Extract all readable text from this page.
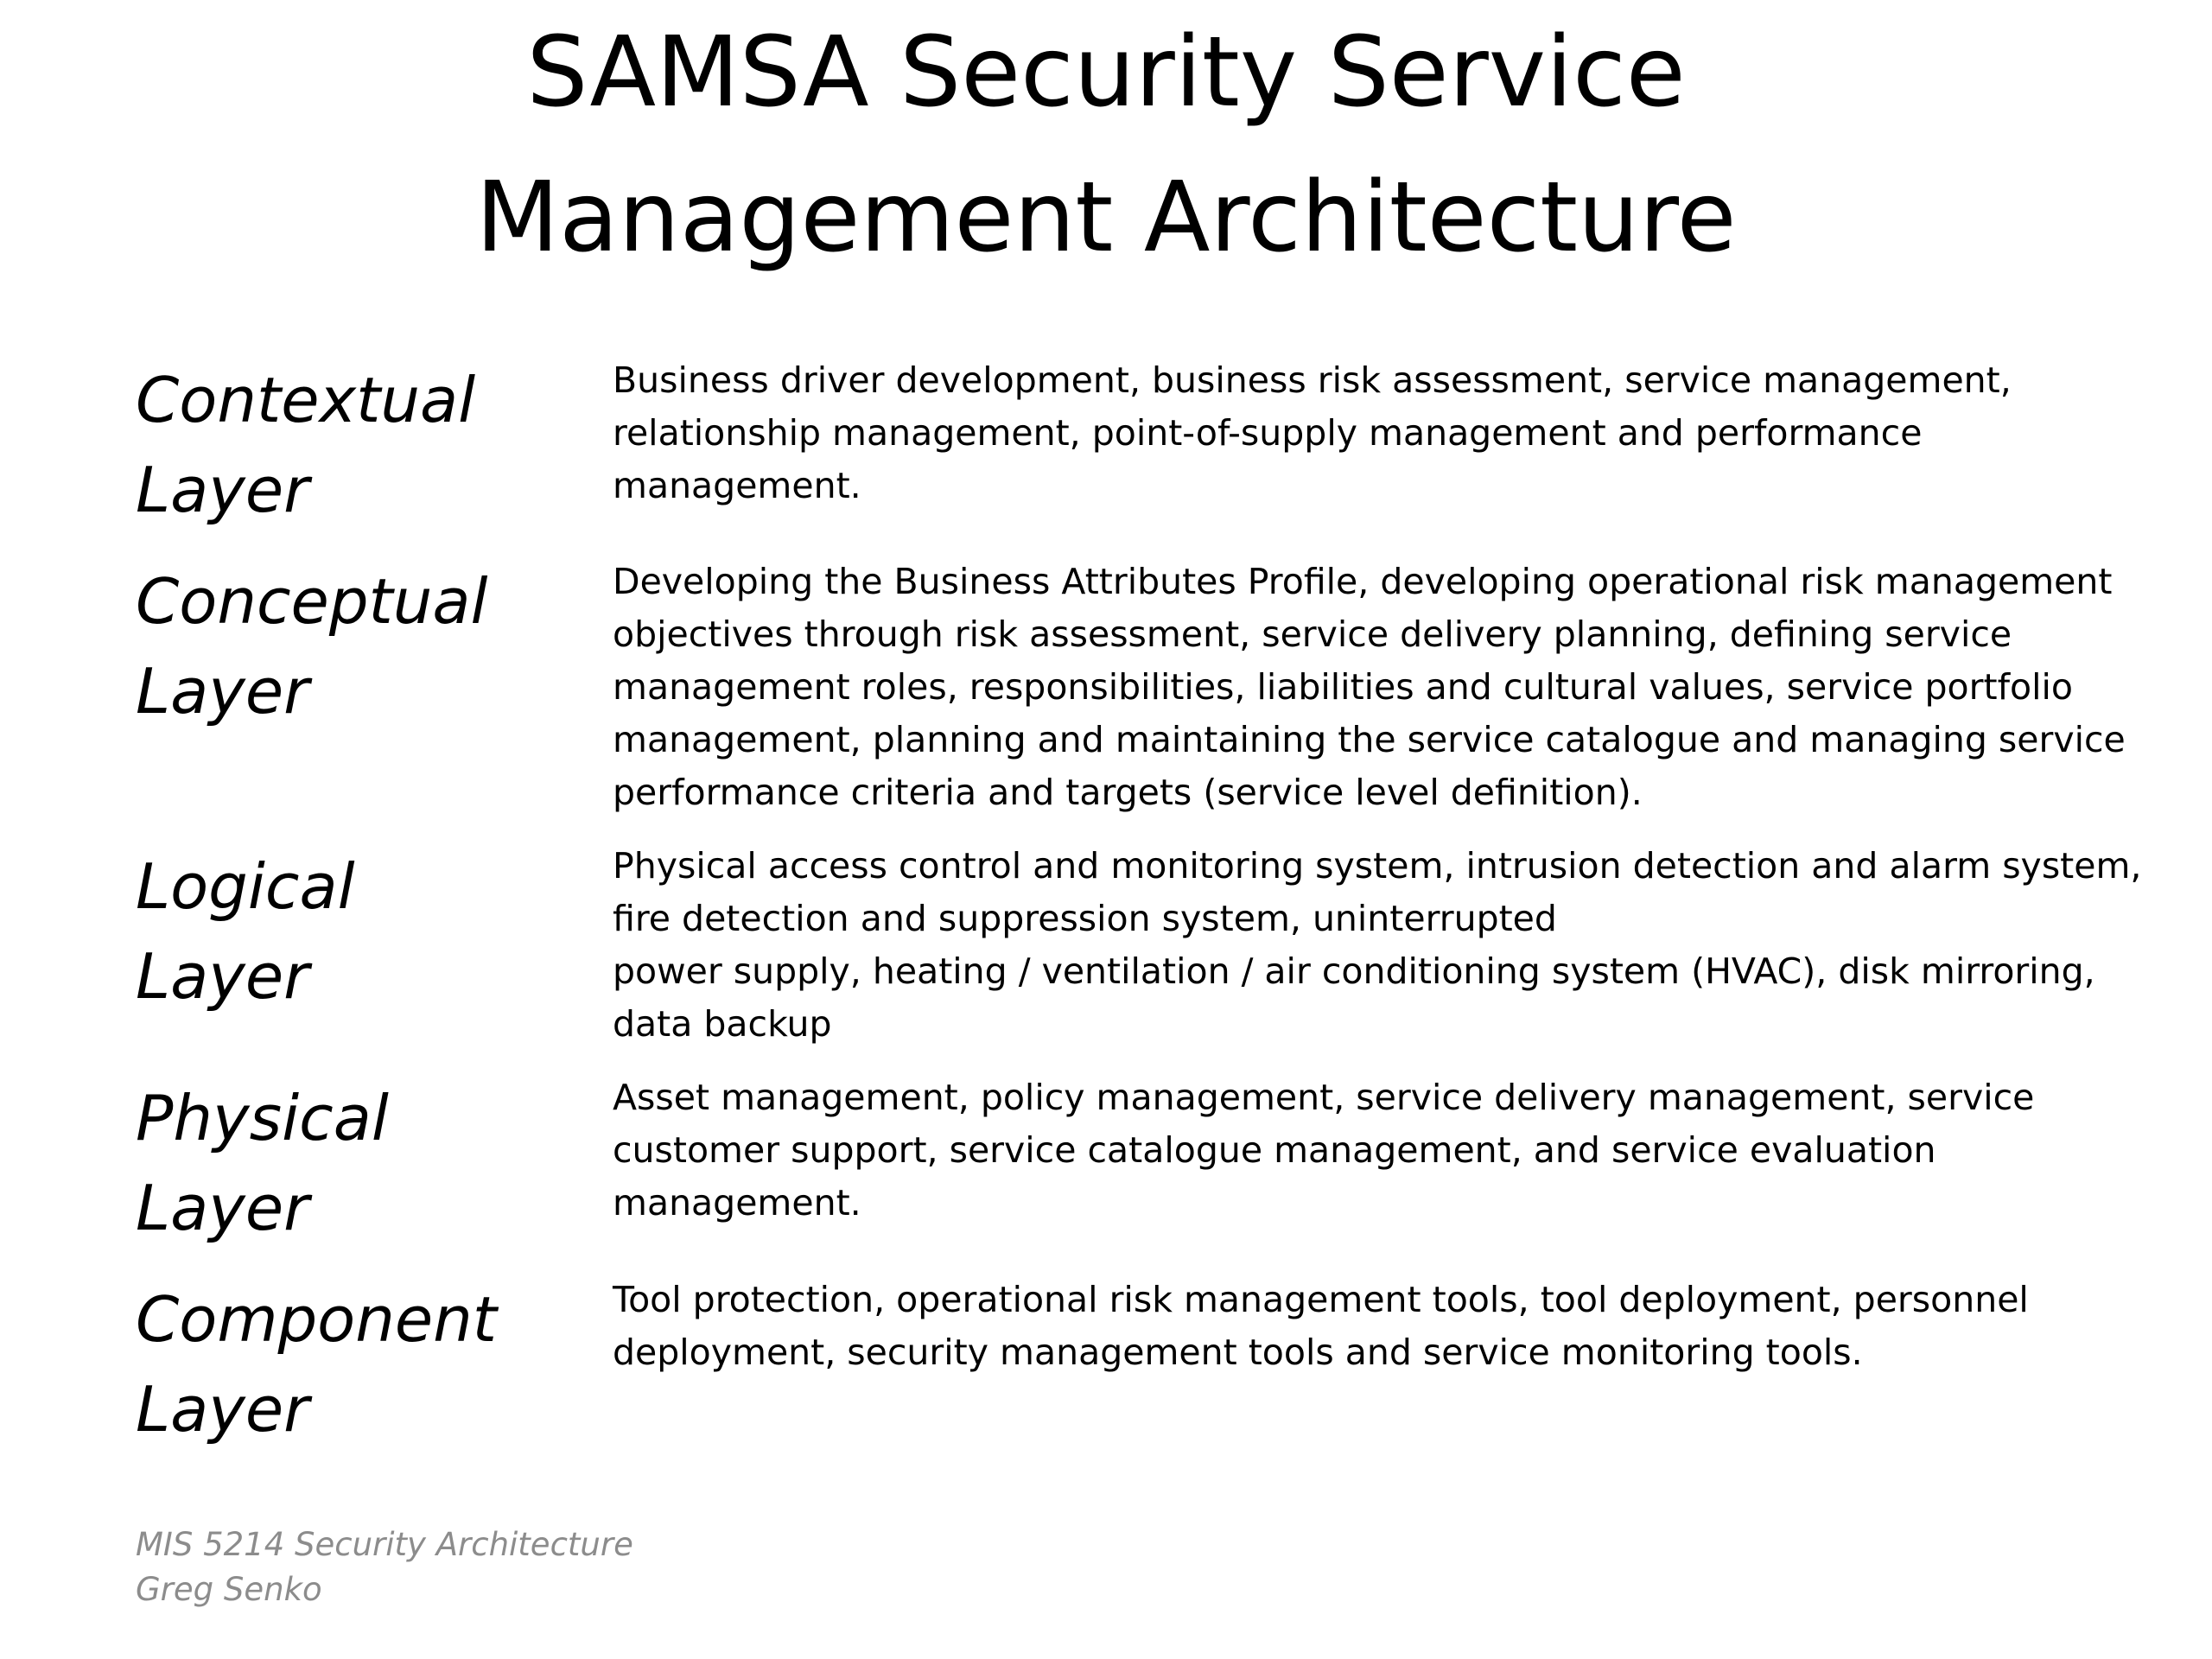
SAMSA Security Service
Management Architecture
Contextual
Layer
Business driver development, business risk assessment, service management,
relationship management, point-of-supply management and performance
management.
Conceptual
Layer
Developing the Business Attributes Profile, developing operational risk management
objectives through risk assessment, service delivery planning, defining service
management roles, responsibilities, liabilities and cultural values, service portfolio
management, planning and maintaining the service catalogue and managing service
performance criteria and targets (service level definition).
Logical
Layer
Physical access control and monitoring system, intrusion detection and alarm system,
fire detection and suppression system, uninterrupted
power supply, heating / ventilation / air conditioning system (HVAC), disk mirroring,
data backup
Physical
Layer
Asset management, policy management, service delivery management, service
customer support, service catalogue management, and service evaluation
management.
Component
Layer
Tool protection, operational risk management tools, tool deployment, personnel
deployment, security management tools and service monitoring tools.
MIS 5214 Security Architecture
Greg Senko
